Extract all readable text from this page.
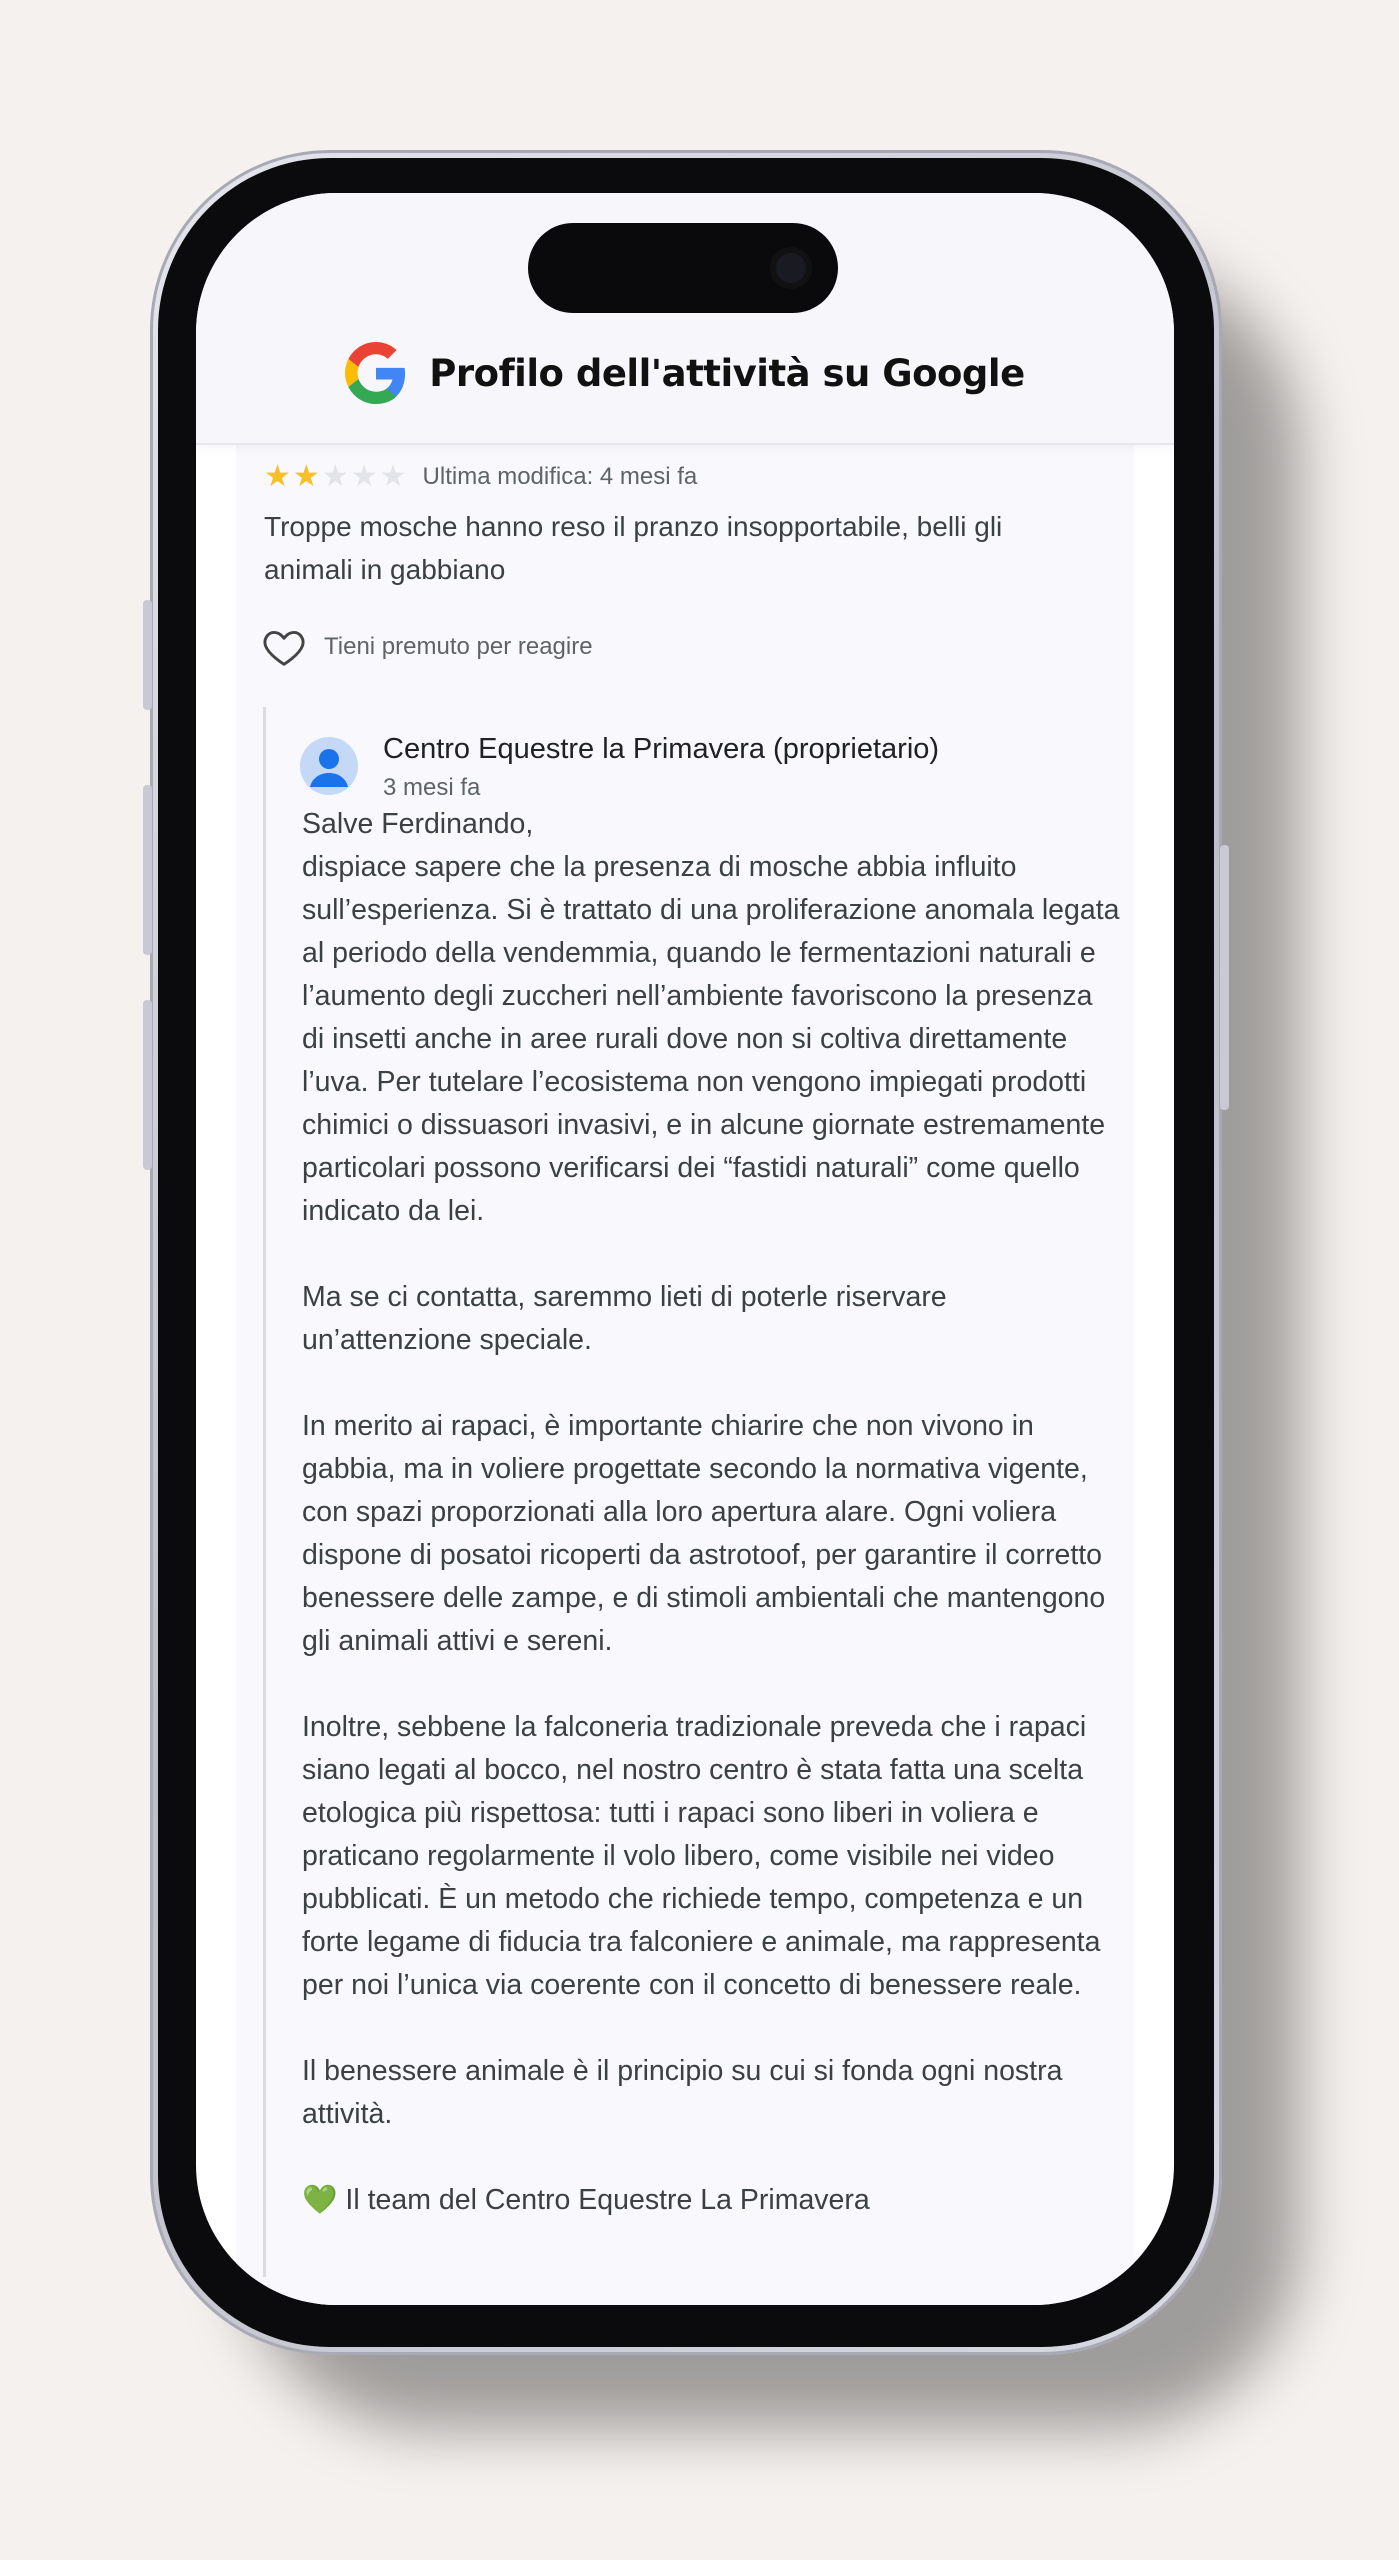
Profilo dell'attività su Google
★ ★ ★ ★ ★ Ultima modifica: 4 mesi fa
Troppe mosche hanno reso il pranzo insopportabile, belli gli animali in gabbiano
Tieni premuto per reagire
Centro Equestre la Primavera (proprietario)
3 mesi fa
Salve Ferdinando,

dispiace sapere che la presenza di mosche abbia influito sull’esperienza. Si è trattato di una proliferazione anomala legata al periodo della vendemmia, quando le fermentazioni naturali e l’aumento degli zuccheri nell’ambiente favoriscono la presenza di insetti anche in aree rurali dove non si coltiva direttamente l’uva. Per tutelare l’ecosistema non vengono impiegati prodotti chimici o dissuasori invasivi, e in alcune giornate estremamente particolari possono verificarsi dei “fastidi naturali” come quello indicato da lei.

Ma se ci contatta, saremmo lieti di poterle riservare un’attenzione speciale.

In merito ai rapaci, è importante chiarire che non vivono in gabbia, ma in voliere progettate secondo la normativa vigente, con spazi proporzionati alla loro apertura alare. Ogni voliera dispone di posatoi ricoperti da astrotoof, per garantire il corretto benessere delle zampe, e di stimoli ambientali che mantengono gli animali attivi e sereni.

Inoltre, sebbene la falconeria tradizionale preveda che i rapaci siano legati al bocco, nel nostro centro è stata fatta una scelta etologica più rispettosa: tutti i rapaci sono liberi in voliera e praticano regolarmente il volo libero, come visibile nei video pubblicati. È un metodo che richiede tempo, competenza e un forte legame di fiducia tra falconiere e animale, ma rappresenta per noi l’unica via coerente con il concetto di benessere reale.

Il benessere animale è il principio su cui si fonda ogni nostra attività.

💚 Il team del Centro Equestre La Primavera
